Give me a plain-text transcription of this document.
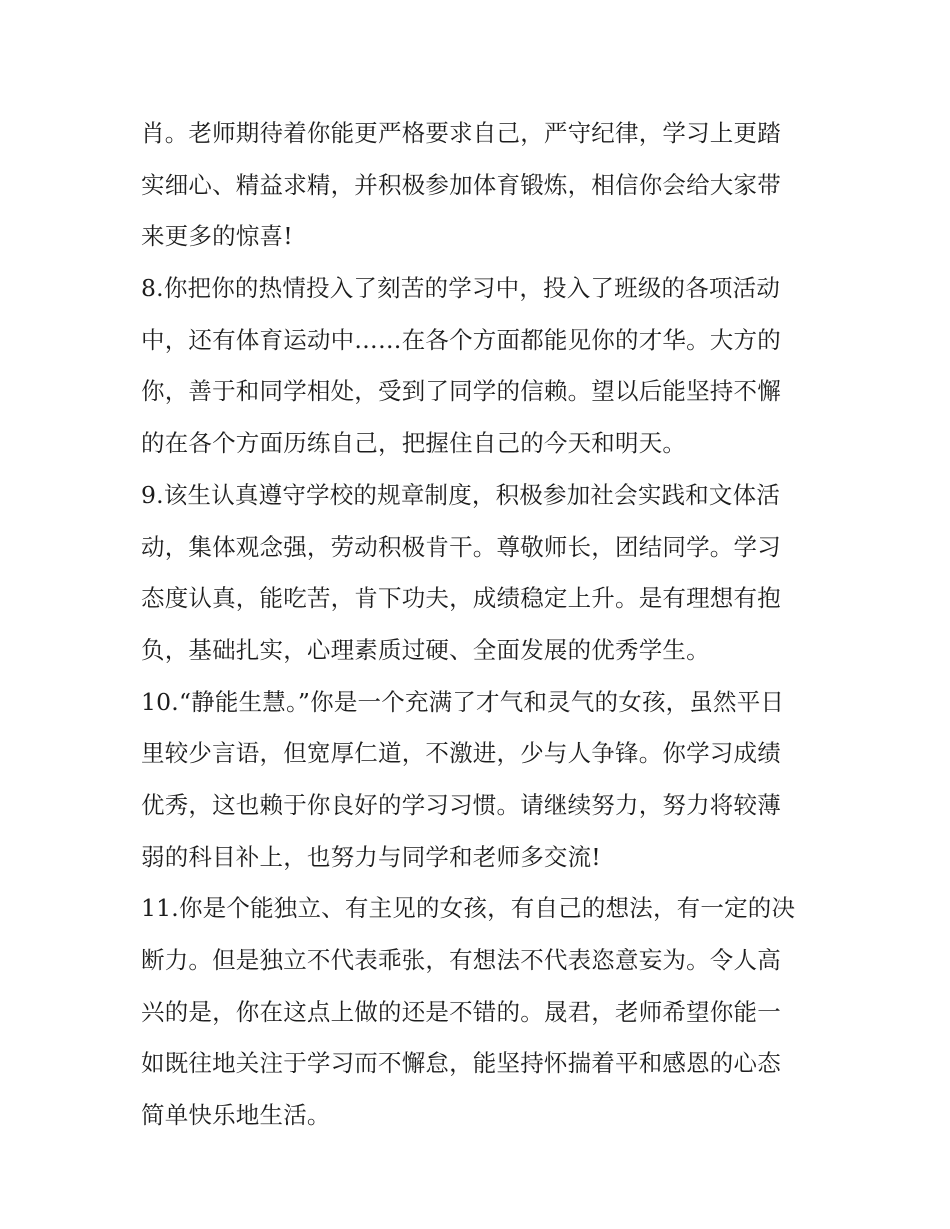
肖。老师期待着你能更严格要求自己，严守纪律，学习上更踏
实细心、精益求精，并积极参加体育锻炼，相信你会给大家带
来更多的惊喜!
8.你把你的热情投入了刻苦的学习中，投入了班级的各项活动
中，还有体育运动中……在各个方面都能见你的才华。大方的
你，善于和同学相处，受到了同学的信赖。望以后能坚持不懈
的在各个方面历练自己，把握住自己的今天和明天。
9.该生认真遵守学校的规章制度，积极参加社会实践和文体活
动，集体观念强，劳动积极肯干。尊敬师长，团结同学。学习
态度认真，能吃苦，肯下功夫，成绩稳定上升。是有理想有抱
负，基础扎实，心理素质过硬、全面发展的优秀学生。
10.“静能生慧。”你是一个充满了才气和灵气的女孩，虽然平日
里较少言语，但宽厚仁道，不激进，少与人争锋。你学习成绩
优秀，这也赖于你良好的学习习惯。请继续努力，努力将较薄
弱的科目补上，也努力与同学和老师多交流!
11.你是个能独立、有主见的女孩，有自己的想法，有一定的决
断力。但是独立不代表乖张，有想法不代表恣意妄为。令人高
兴的是，你在这点上做的还是不错的。晟君，老师希望你能一
如既往地关注于学习而不懈怠，能坚持怀揣着平和感恩的心态
简单快乐地生活。
